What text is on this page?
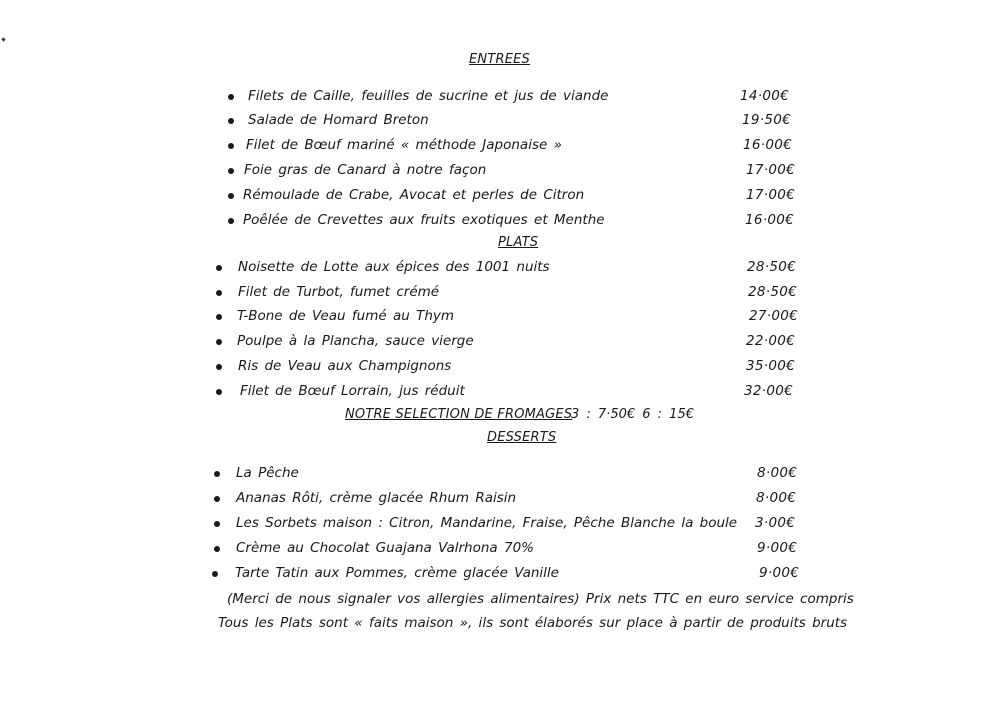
ENTREES
Filets de Caille, feuilles de sucrine et jus de viande	14·00€
Salade de Homard Breton	19·50€
Filet de Bœuf mariné « méthode Japonaise »	16·00€
Foie gras de Canard à notre façon	17·00€
Rémoulade de Crabe, Avocat et perles de Citron	17·00€
Poêlée de Crevettes aux fruits exotiques et Menthe	16·00€
PLATS
Noisette de Lotte aux épices des 1001 nuits	28·50€
Filet de Turbot, fumet crémé	28·50€
T-Bone de Veau fumé au Thym	27·00€
Poulpe à la Plancha, sauce vierge	22·00€
Ris de Veau aux Champignons	35·00€
Filet de Bœuf Lorrain, jus réduit	32·00€
NOTRE SELECTION DE FROMAGES
3 : 7·50€ 6 : 15€
DESSERTS
La Pêche	8·00€
Ananas Rôti, crème glacée Rhum Raisin	8·00€
Les Sorbets maison : Citron, Mandarine, Fraise, Pêche Blanche la boule 3·00€
Crème au Chocolat Guajana Valrhona 70%	9·00€
Tarte Tatin aux Pommes, crème glacée Vanille	9·00€
(Merci de nous signaler vos allergies alimentaires) Prix nets TTC en euro service compris
Tous les Plats sont « faits maison », ils sont élaborés sur place à partir de produits bruts
